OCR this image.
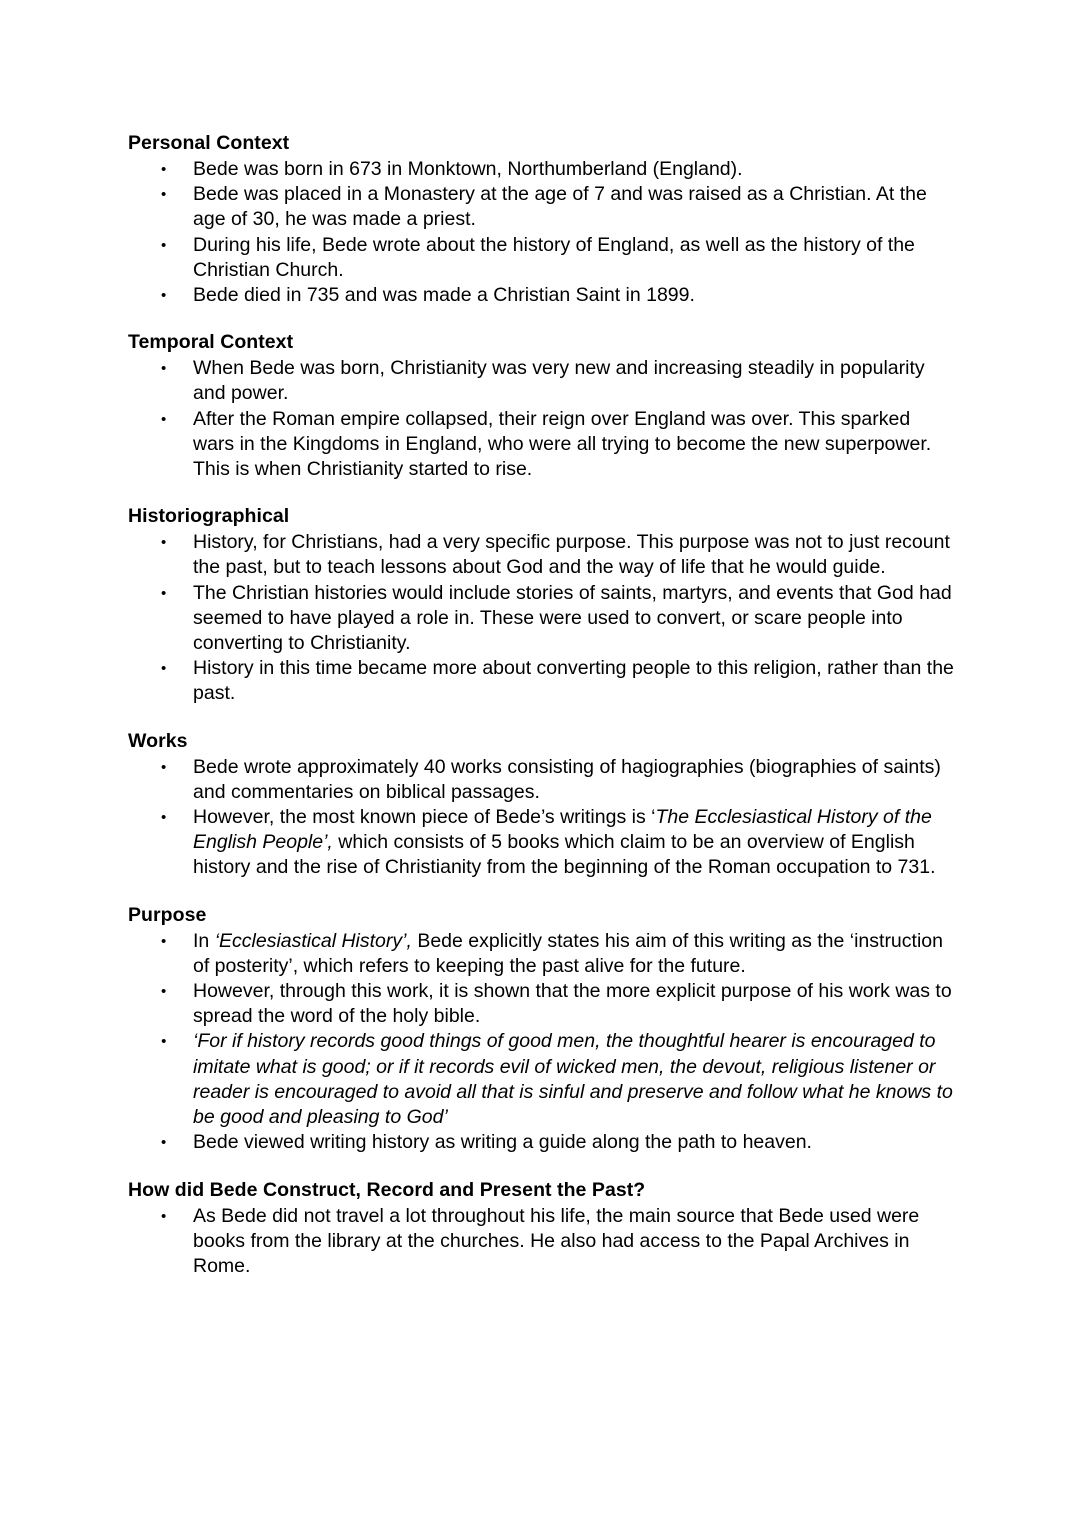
Personal Context
• Bede was born in 673 in Monktown, Northumberland (England).
• Bede was placed in a Monastery at the age of 7 and was raised as a Christian. At the age of 30, he was made a priest.
• During his life, Bede wrote about the history of England, as well as the history of the Christian Church.
• Bede died in 735 and was made a Christian Saint in 1899.
Temporal Context
• When Bede was born, Christianity was very new and increasing steadily in popularity and power.
• After the Roman empire collapsed, their reign over England was over. This sparked wars in the Kingdoms in England, who were all trying to become the new superpower. This is when Christianity started to rise.
Historiographical
• History, for Christians, had a very specific purpose. This purpose was not to just recount the past, but to teach lessons about God and the way of life that he would guide.
• The Christian histories would include stories of saints, martyrs, and events that God had seemed to have played a role in. These were used to convert, or scare people into converting to Christianity.
• History in this time became more about converting people to this religion, rather than the past.
Works
• Bede wrote approximately 40 works consisting of hagiographies (biographies of saints) and commentaries on biblical passages.
• However, the most known piece of Bede’s writings is ‘The Ecclesiastical History of the English People’, which consists of 5 books which claim to be an overview of English history and the rise of Christianity from the beginning of the Roman occupation to 731.
Purpose
• In ‘Ecclesiastical History’, Bede explicitly states his aim of this writing as the ‘instruction of posterity’, which refers to keeping the past alive for the future.
• However, through this work, it is shown that the more explicit purpose of his work was to spread the word of the holy bible.
• ‘For if history records good things of good men, the thoughtful hearer is encouraged to imitate what is good; or if it records evil of wicked men, the devout, religious listener or reader is encouraged to avoid all that is sinful and preserve and follow what he knows to be good and pleasing to God’
• Bede viewed writing history as writing a guide along the path to heaven.
How did Bede Construct, Record and Present the Past?
• As Bede did not travel a lot throughout his life, the main source that Bede used were books from the library at the churches. He also had access to the Papal Archives in Rome.
